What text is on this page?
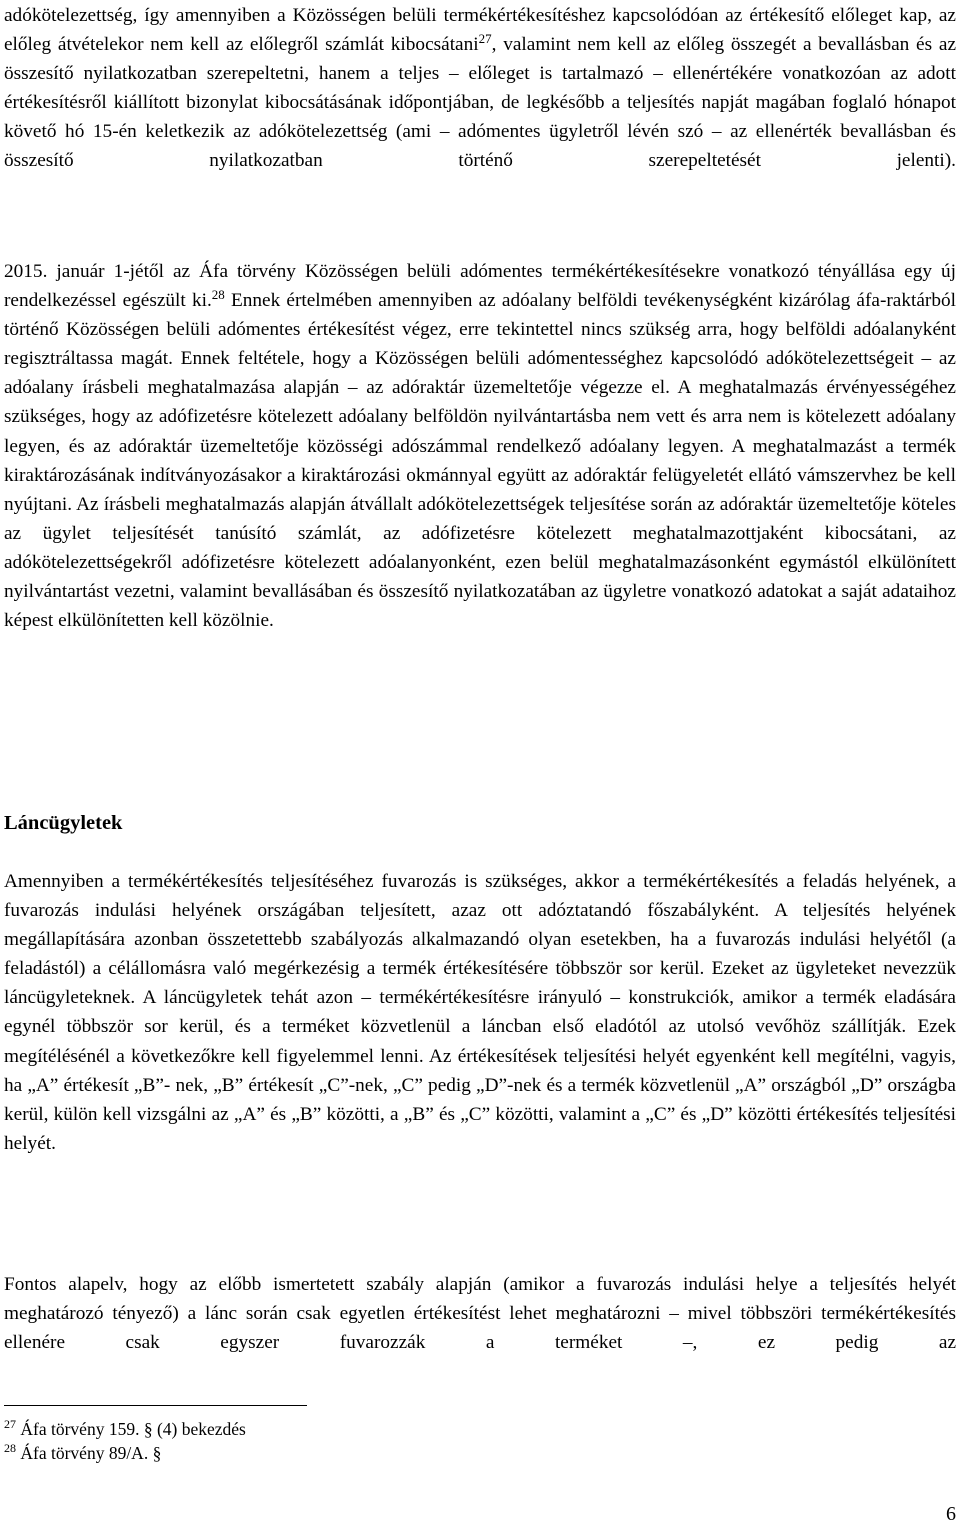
adókötelezettség, így amennyiben a Közösségen belüli termékértékesítéshez kapcsolódóan az értékesítő előleget kap, az előleg átvételekor nem kell az előlegről számlát kibocsátani$^{27}$, valamint nem kell az előleg összegét a bevallásban és az összesítő nyilatkozatban szerepeltetni, hanem a teljes – előleget is tartalmazó – ellenértékére vonatkozóan az adott értékesítésről kiállított bizonylat kibocsátásának időpontjában, de legkésőbb a teljesítés napját magában foglaló hónapot követő hó 15-én keletkezik az adókötelezettség (ami – adómentes ügyletről lévén szó – az ellenérték bevallásban és összesítő nyilatkozatban történő szerepeltetését jelenti).

2015. január 1-jétől az Áfa törvény Közösségen belüli adómentes termékértékesítésekre vonatkozó tényállása egy új rendelkezéssel egészült ki.$^{28}$ Ennek értelmében amennyiben az adóalany belföldi tevékenységként kizárólag áfa-raktárból történő Közösségen belüli adómentes értékesítést végez, erre tekintettel nincs szükség arra, hogy belföldi adóalanyként regisztráltassa magát. Ennek feltétele, hogy a Közösségen belüli adómentességhez kapcsolódó adókötelezettségeit – az adóalany írásbeli meghatalmazása alapján – az adóraktár üzemeltetője végezze el. A meghatalmazás érvényességéhez szükséges, hogy az adófizetésre kötelezett adóalany belföldön nyilvántartásba nem vett és arra nem is kötelezett adóalany legyen, és az adóraktár üzemeltetője közösségi adószámmal rendelkező adóalany legyen. A meghatalmazást a termék kiraktározásának indítványozásakor a kiraktározási okmánnyal együtt az adóraktár felügyeletét ellátó vámszervhez be kell nyújtani. Az írásbeli meghatalmazás alapján átvállalt adókötelezettségek teljesítése során az adóraktár üzemeltetője köteles az ügylet teljesítését tanúsító számlát, az adófizetésre kötelezett meghatalmazottjaként kibocsátani, az adókötelezettségekről adófizetésre kötelezett adóalanyonként, ezen belül meghatalmazásonként egymástól elkülönített nyilvántartást vezetni, valamint bevallásában és összesítő nyilatkozatában az ügyletre vonatkozó adatokat a saját adataihoz képest elkülönítetten kell közölnie.

Láncügyletek

Amennyiben a termékértékesítés teljesítéséhez fuvarozás is szükséges, akkor a termékértékesítés a feladás helyének, a fuvarozás indulási helyének országában teljesített, azaz ott adóztatandó főszabályként. A teljesítés helyének megállapítására azonban összetettebb szabályozás alkalmazandó olyan esetekben, ha a fuvarozás indulási helyétől (a feladástól) a célállomásra való megérkezésig a termék értékesítésére többször sor kerül. Ezeket az ügyleteket nevezzük láncügyleteknek. A láncügyletek tehát azon – termékértékesítésre irányuló – konstrukciók, amikor a termék eladására egynél többször sor kerül, és a terméket közvetlenül a láncban első eladótól az utolsó vevőhöz szállítják. Ezek megítélésénél a következőkre kell figyelemmel lenni. Az értékesítések teljesítési helyét egyenként kell megítélni, vagyis, ha „A” értékesít „B”- nek, „B” értékesít „C”-nek, „C” pedig „D”-nek és a termék közvetlenül „A” országból „D” országba kerül, külön kell vizsgálni az „A” és „B” közötti, a „B” és „C” közötti, valamint a „C” és „D” közötti értékesítés teljesítési helyét.

Fontos alapelv, hogy az előbb ismertetett szabály alapján (amikor a fuvarozás indulási helye a teljesítés helyét meghatározó tényező) a lánc során csak egyetlen értékesítést lehet meghatározni – mivel többszöri termékértékesítés ellenére csak egyszer fuvarozzák a terméket –, ez pedig az

$^{27}$ Áfa törvény 159. § (4) bekezdés

$^{28}$ Áfa törvény 89/A. §

6
